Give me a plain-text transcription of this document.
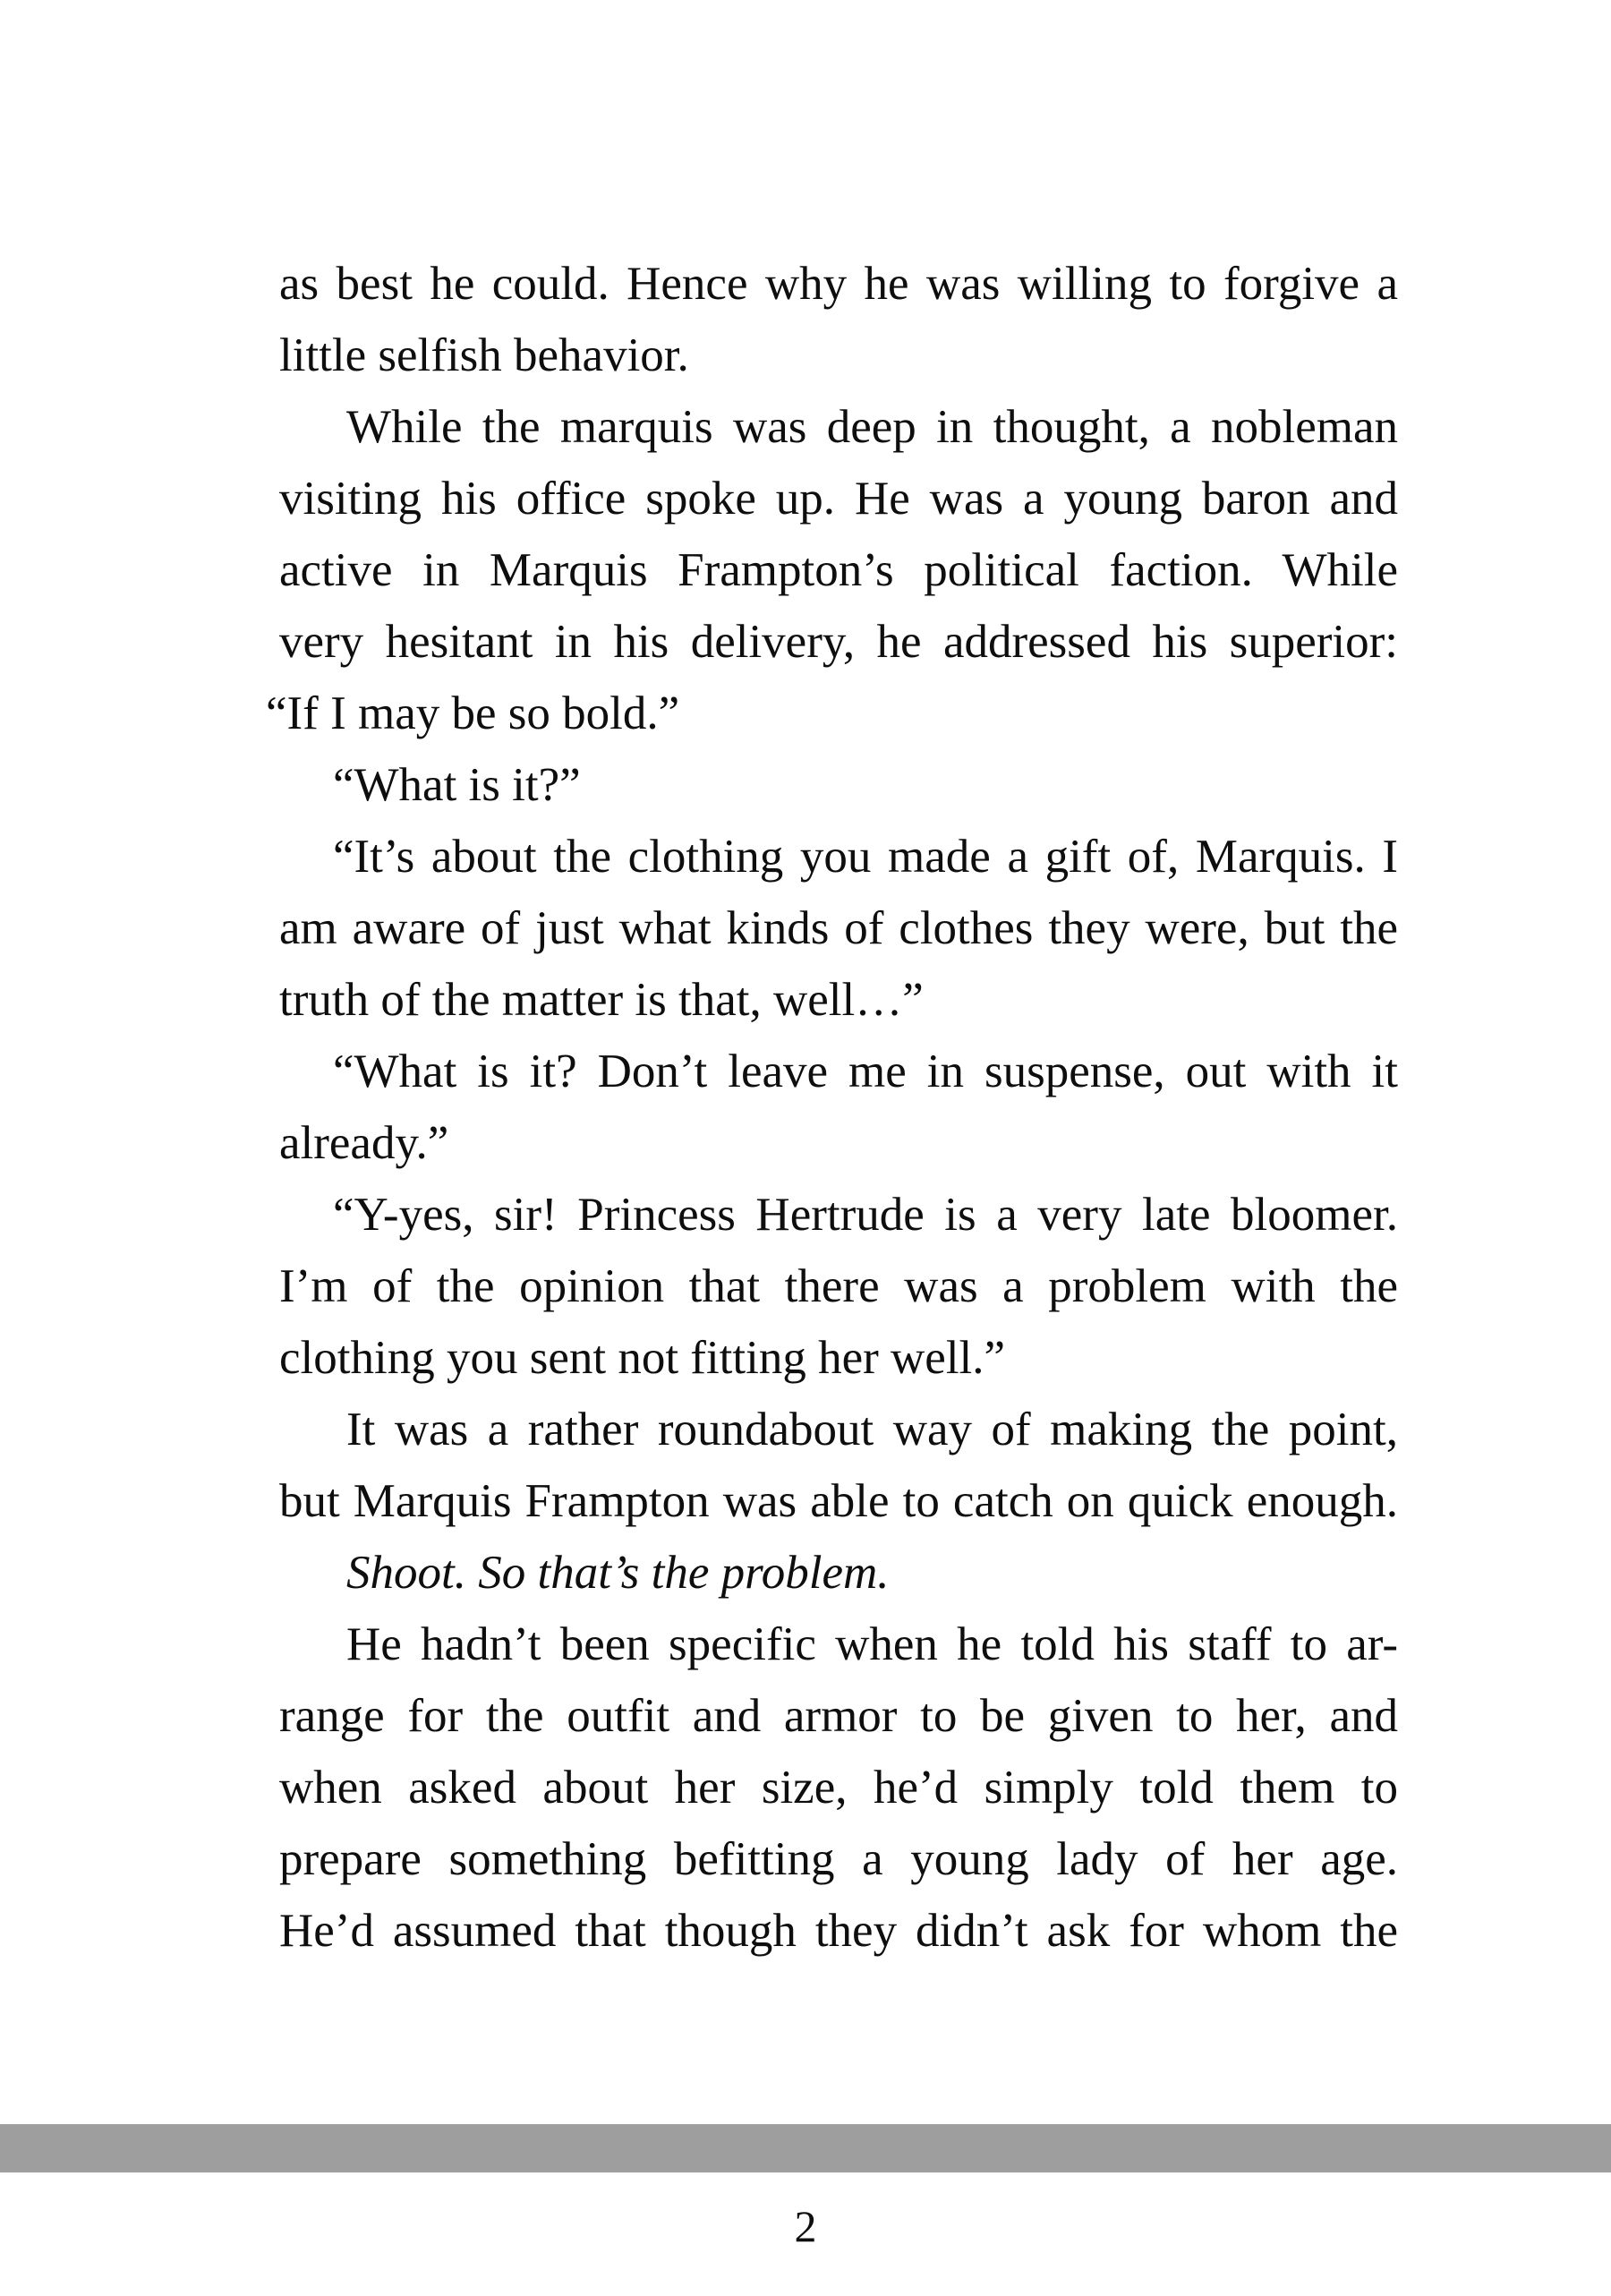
as best he could. Hence why he was willing to forgive a
little selfish behavior.
While the marquis was deep in thought, a nobleman
visiting his office spoke up. He was a young baron and
active in Marquis Frampton’s political faction. While
very hesitant in his delivery, he addressed his superior:
“If I may be so bold.”
“What is it?”
“It’s about the clothing you made a gift of, Marquis. I
am aware of just what kinds of clothes they were, but the
truth of the matter is that, well…”
“What is it? Don’t leave me in suspense, out with it
already.”
“Y-yes, sir! Princess Hertrude is a very late bloomer.
I’m of the opinion that there was a problem with the
clothing you sent not fitting her well.”
It was a rather roundabout way of making the point,
but Marquis Frampton was able to catch on quick enough.
Shoot. So that’s the problem.
He hadn’t been specific when he told his staff to ar-
range for the outfit and armor to be given to her, and
when asked about her size, he’d simply told them to
prepare something befitting a young lady of her age.
He’d assumed that though they didn’t ask for whom the
2
